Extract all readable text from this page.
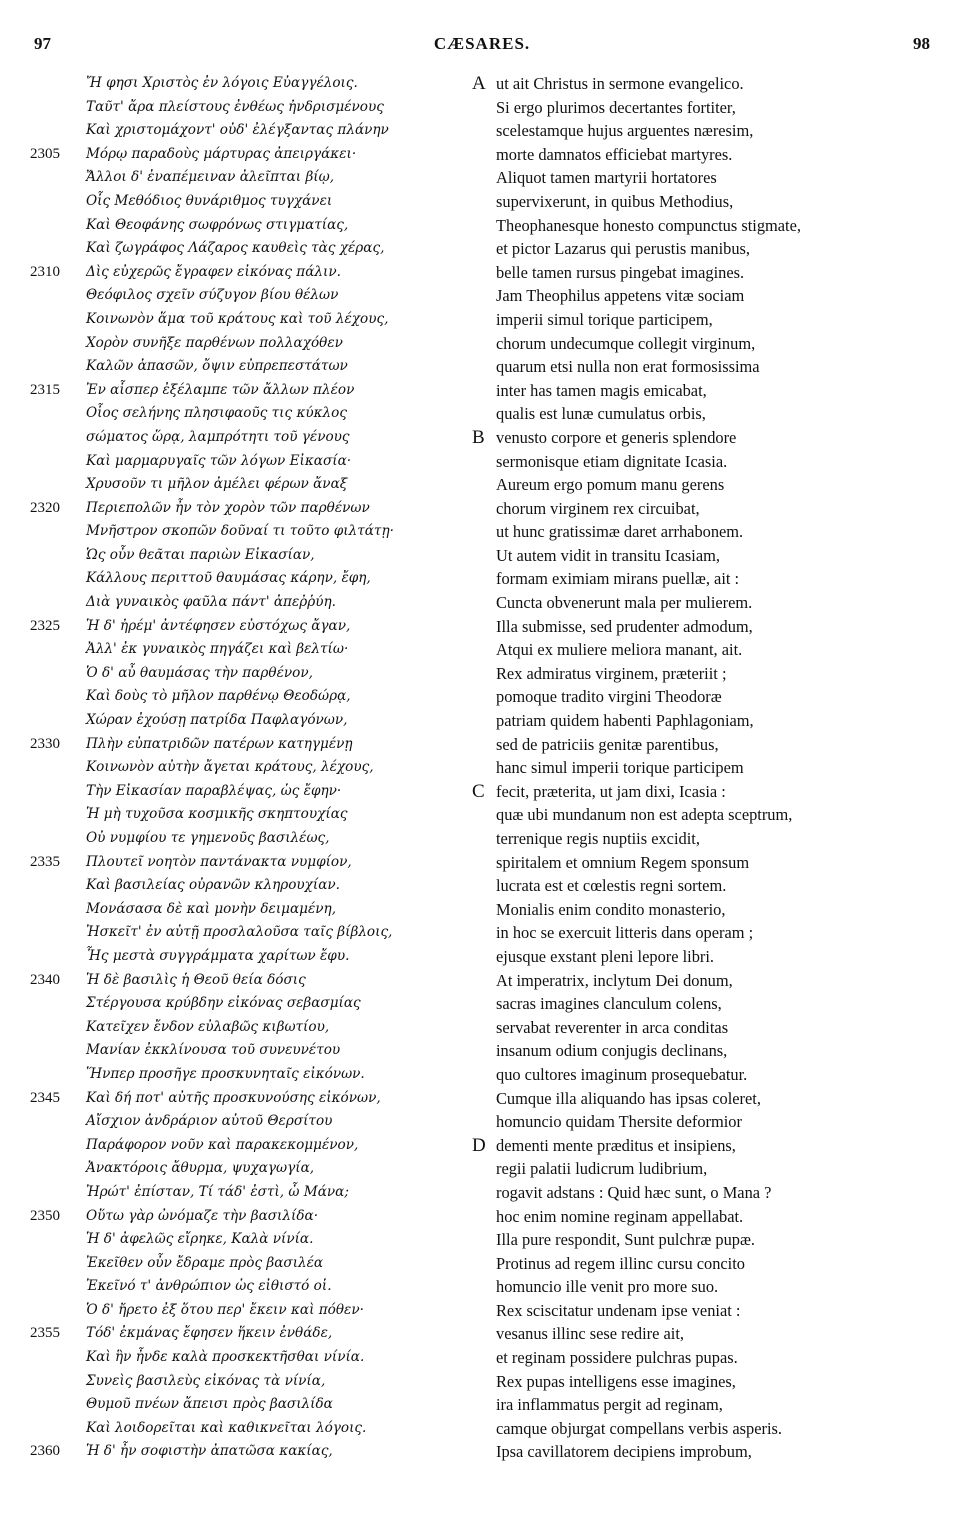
97	CÆSARES.	98
Ἤ φησι Χριστὸς ἐν λόγοις Εὐαγγέλοις.
Ταῦτ' ἄρα πλείστους ἐνθέως ἠνδρισμένους
Καὶ χριστομάχοντ' οὐδ' ἐλέγξαντας πλάνην
2305	Μόρῳ παραδοὺς μάρτυρας ἀπειργάκει·
Ἄλλοι δ' ἐναπέμειναν ἀλεῖπται βίῳ,
Οἷς Μεθόδιος θυνάριθμος τυγχάνει
Καὶ Θεοφάνης σωφρόνως στιγματίας,
Καὶ ζωγράφος Λάζαρος καυθεὶς τὰς χέρας,
2310	Δὶς εὐχερῶς ἔγραφεν εἰκόνας πάλιν.
Θεόφιλος σχεῖν σύζυγον βίου θέλων
Κοινωνὸν ἅμα τοῦ κράτους καὶ τοῦ λέχους,
Χορὸν συνῆξε παρθένων πολλαχόθεν
Καλῶν ἁπασῶν, ὄψιν εὐπρεπεστάτων
2315	Ἐν αἷσπερ ἐξέλαμπε τῶν ἄλλων πλέον
Οἷος σελήνης πλησιφαοῦς τις κύκλος
σώματος ὥρᾳ, λαμπρότητι τοῦ γένους
Καὶ μαρμαρυγαῖς τῶν λόγων Εἰκασία·
Χρυσοῦν τι μῆλον ἀμέλει φέρων ἄναξ
2320	Περιεπολῶν ἦν τὸν χορὸν τῶν παρθένων
Μνῆστρον σκοπῶν δοῦναί τι τοῦτο φιλτάτῃ·
Ὡς οὖν θεᾶται παριὼν Εἰκασίαν,
Κάλλους περιττοῦ θαυμάσας κάρην, ἔφη,
Διὰ γυναικὸς φαῦλα πάντ' ἀπεῤῥύη.
2325	Ἡ δ' ἠρέμ' ἀντέφησεν εὐστόχως ἄγαν,
Ἀλλ' ἐκ γυναικὸς πηγάζει καὶ βελτίω·
Ὁ δ' αὖ θαυμάσας τὴν παρθένον,
Καὶ δοὺς τὸ μῆλον παρθένῳ Θεοδώρᾳ,
Χώραν ἐχούσῃ πατρίδα Παφλαγόνων,
2330	Πλὴν εὐπατριδῶν πατέρων κατηγμένῃ
Κοινωνὸν αὐτὴν ἄγεται κράτους, λέχους,
Τὴν Εἰκασίαν παραβλέψας, ὡς ἔφην·
Ἡ μὴ τυχοῦσα κοσμικῆς σκηπτουχίας
Οὐ νυμφίου τε γημενοῦς βασιλέως,
2335	Πλουτεῖ νοητὸν παντάνακτα νυμφίον,
Καὶ βασιλείας οὐρανῶν κληρουχίαν.
Μονάσασα δὲ καὶ μονὴν δειμαμένη,
Ἠσκεῖτ' ἐν αὐτῇ προσλαλοῦσα ταῖς βίβλοις,
Ἧς μεστὰ συγγράμματα χαρίτων ἔφυ.
2340	Ἡ δὲ βασιλὶς ἡ Θεοῦ θεία δόσις
Στέργουσα κρύβδην εἰκόνας σεβασμίας
Κατεῖχεν ἔνδον εὐλαβῶς κιβωτίου,
Μανίαν ἐκκλίνουσα τοῦ συνευνέτου
Ἥνπερ προσῆγε προσκυνηταῖς εἰκόνων.
2345	Καὶ δή ποτ' αὐτῆς προσκυνούσης εἰκόνων,
Αἴσχιον ἀνδράριον αὐτοῦ Θερσίτου
Παράφορον νοῦν καὶ παρακεκομμένον,
Ἀνακτόροις ἄθυρμα, ψυχαγωγία,
Ἠρώτ' ἐπίσταν, Τί τάδ' ἐστὶ, ὦ Μάνα;
2350	Οὕτω γὰρ ὠνόμαζε τὴν βασιλίδα·
Ἡ δ' ἀφελῶς εἴρηκε, Καλὰ νίνία.
Ἐκεῖθεν οὖν ἔδραμε πρὸς βασιλέα
Ἐκεῖνό τ' ἀνθρώπιον ὡς εἰθιστό οἱ.
Ὁ δ' ἤρετο ἐξ ὅτου περ' ἔκειν καὶ πόθεν·
2355	Τόδ' ἐκμάνας ἔφησεν ἥκειν ἐνθάδε,
Καὶ ἣν ἦνδε καλὰ προσκεκτῆσθαι νίνία.
Συνεὶς βασιλεὺς εἰκόνας τὰ νίνία,
Θυμοῦ πνέων ἄπεισι πρὸς βασιλίδα
Καὶ λοιδορεῖται καὶ καθικνεῖται λόγοις.
2360	Ἡ δ' ἦν σοφιστὴν ἀπατῶσα κακίας,
A ut ait Christus in sermone evangelico.
Si ergo plurimos decertantes fortiter,
scelestamque hujus arguentes næresim,
morte damnatos efficiebat martyres.
Aliquot tamen martyrii hortatores
supervixerunt, in quibus Methodius,
Theophanesque honesto compunctus stigmate,
et pictor Lazarus qui perustis manibus,
belle tamen rursus pingebat imagines.
Jam Theophilus appetens vitæ sociam
imperii simul torique participem,
chorum undecumque collegit virginum,
quarum etsi nulla non erat formosissima
inter has tamen magis emicabat,
qualis est lunæ cumulatus orbis,
B venusto corpore et generis splendore
sermonisque etiam dignitate Icasia.
Aureum ergo pomum manu gerens
chorum virginem rex circuibat,
ut hunc gratissimæ daret arrhabonem.
Ut autem vidit in transitu Icasiam,
formam eximiam mirans puellæ, ait :
Cuncta obvenerunt mala per mulierem.
Illa submisse, sed prudenter admodum,
Atqui ex muliere meliora manant, ait.
Rex admiratus virginem, præteriit ;
pomoque tradito virgini Theodoræ
patriam quidem habenti Paphlagoniam,
sed de patriciis genitæ parentibus,
hanc simul imperii torique participem
C fecit, præterita, ut jam dixi, Icasia :
quæ ubi mundanum non est adepta sceptrum,
terrenique regis nuptiis excidit,
spiritalem et omnium Regem sponsum
lucrata est et cœlestis regni sortem.
Monialis enim condito monasterio,
in hoc se exercuit litteris dans operam ;
ejusque exstant pleni lepore libri.
At imperatrix, inclytum Dei donum,
sacras imagines clanculum colens,
servabat reverenter in arca conditas
insanum odium conjugis declinans,
quo cultores imaginum prosequebatur.
Cumque illa aliquando has ipsas coleret,
homuncio quidam Thersite deformior
D dementi mente præditus et insipiens,
regii palatii ludicrum ludibrium,
rogavit adstans : Quid hæc sunt, o Mana ?
hoc enim nomine reginam appellabat.
Illa pure respondit, Sunt pulchræ pupæ.
Protinus ad regem illinc cursu concito
homuncio ille venit pro more suo.
Rex sciscitatur undenam ipse veniat :
vesanus illinc sese redire ait,
et reginam possidere pulchras pupas.
Rex pupas intelligens esse imagines,
ira inflammatus pergit ad reginam,
camque objurgat compellans verbis asperis.
Ipsa cavillatorem decipiens improbum,
